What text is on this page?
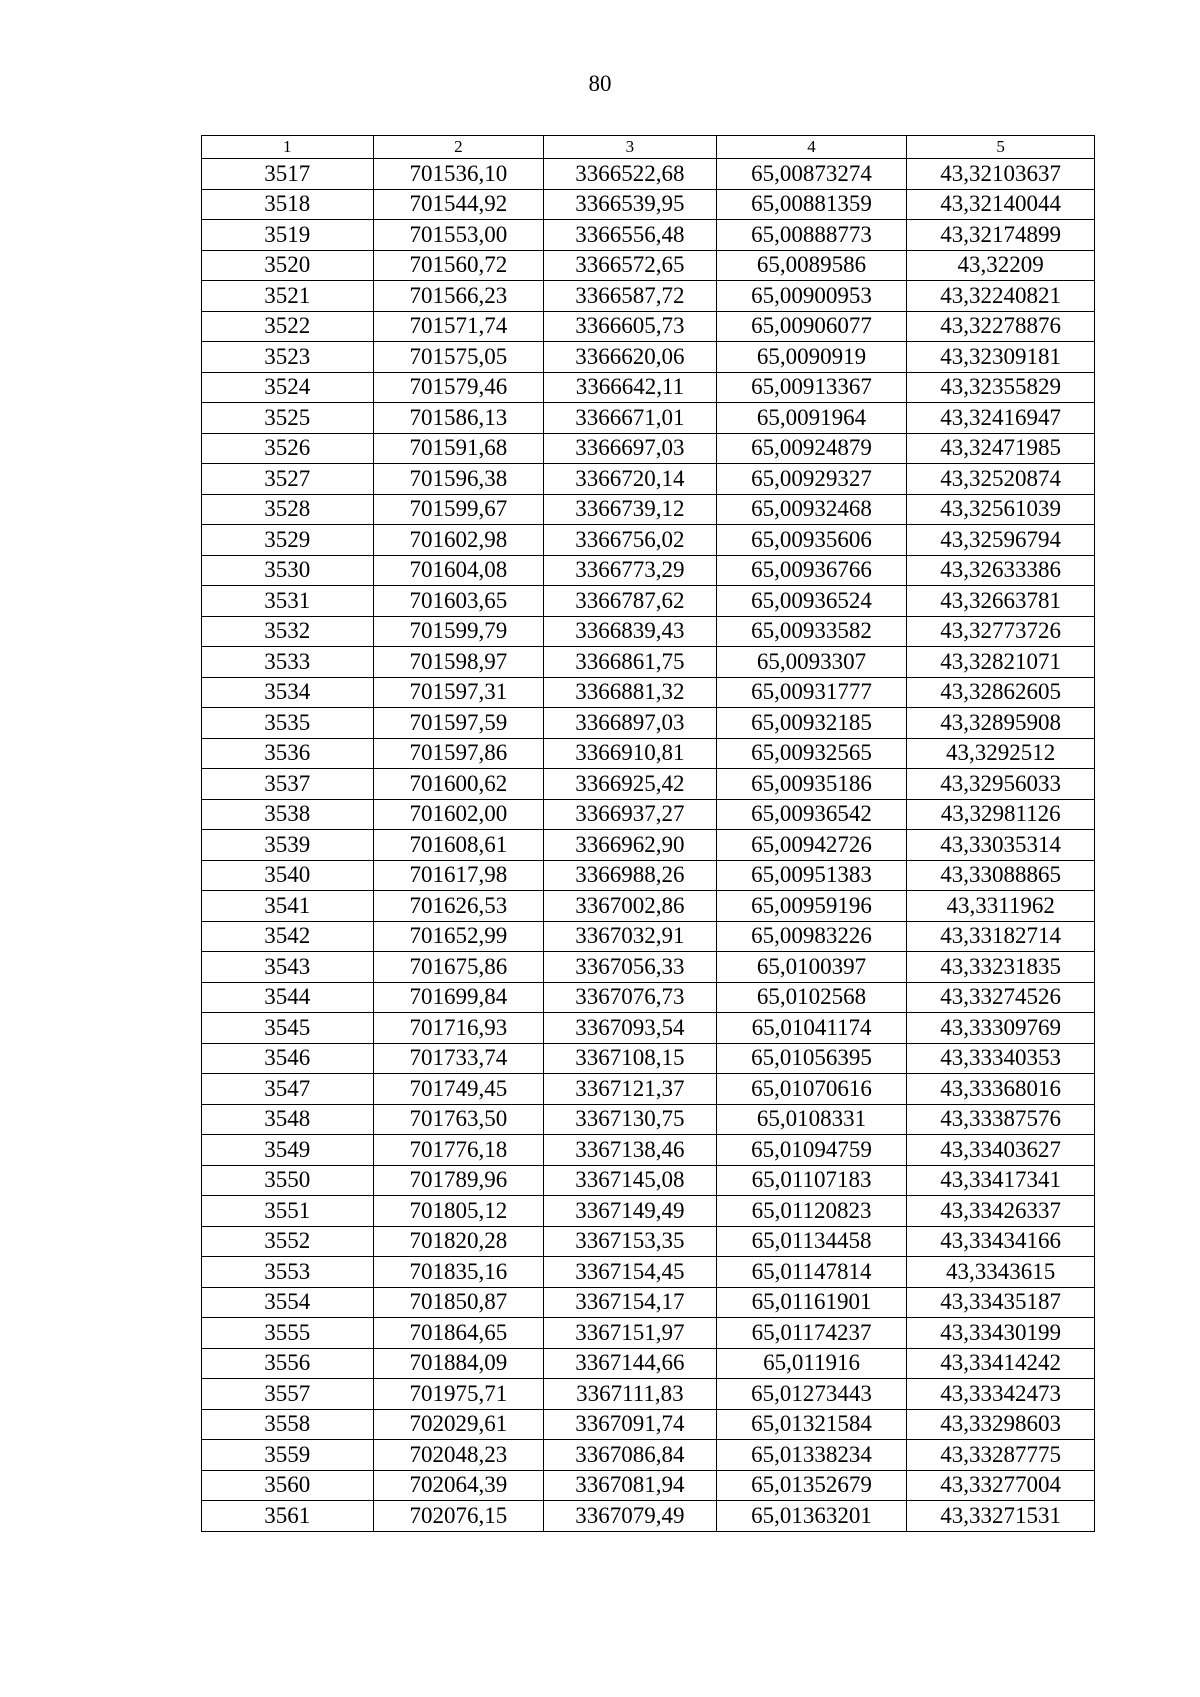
80
1	2	3	4	5
3517	701536,10	3366522,68	65,00873274	43,32103637
3518	701544,92	3366539,95	65,00881359	43,32140044
3519	701553,00	3366556,48	65,00888773	43,32174899
3520	701560,72	3366572,65	65,0089586	43,32209
3521	701566,23	3366587,72	65,00900953	43,32240821
3522	701571,74	3366605,73	65,00906077	43,32278876
3523	701575,05	3366620,06	65,0090919	43,32309181
3524	701579,46	3366642,11	65,00913367	43,32355829
3525	701586,13	3366671,01	65,0091964	43,32416947
3526	701591,68	3366697,03	65,00924879	43,32471985
3527	701596,38	3366720,14	65,00929327	43,32520874
3528	701599,67	3366739,12	65,00932468	43,32561039
3529	701602,98	3366756,02	65,00935606	43,32596794
3530	701604,08	3366773,29	65,00936766	43,32633386
3531	701603,65	3366787,62	65,00936524	43,32663781
3532	701599,79	3366839,43	65,00933582	43,32773726
3533	701598,97	3366861,75	65,0093307	43,32821071
3534	701597,31	3366881,32	65,00931777	43,32862605
3535	701597,59	3366897,03	65,00932185	43,32895908
3536	701597,86	3366910,81	65,00932565	43,3292512
3537	701600,62	3366925,42	65,00935186	43,32956033
3538	701602,00	3366937,27	65,00936542	43,32981126
3539	701608,61	3366962,90	65,00942726	43,33035314
3540	701617,98	3366988,26	65,00951383	43,33088865
3541	701626,53	3367002,86	65,00959196	43,3311962
3542	701652,99	3367032,91	65,00983226	43,33182714
3543	701675,86	3367056,33	65,0100397	43,33231835
3544	701699,84	3367076,73	65,0102568	43,33274526
3545	701716,93	3367093,54	65,01041174	43,33309769
3546	701733,74	3367108,15	65,01056395	43,33340353
3547	701749,45	3367121,37	65,01070616	43,33368016
3548	701763,50	3367130,75	65,0108331	43,33387576
3549	701776,18	3367138,46	65,01094759	43,33403627
3550	701789,96	3367145,08	65,01107183	43,33417341
3551	701805,12	3367149,49	65,01120823	43,33426337
3552	701820,28	3367153,35	65,01134458	43,33434166
3553	701835,16	3367154,45	65,01147814	43,3343615
3554	701850,87	3367154,17	65,01161901	43,33435187
3555	701864,65	3367151,97	65,01174237	43,33430199
3556	701884,09	3367144,66	65,011916	43,33414242
3557	701975,71	3367111,83	65,01273443	43,33342473
3558	702029,61	3367091,74	65,01321584	43,33298603
3559	702048,23	3367086,84	65,01338234	43,33287775
3560	702064,39	3367081,94	65,01352679	43,33277004
3561	702076,15	3367079,49	65,01363201	43,33271531
